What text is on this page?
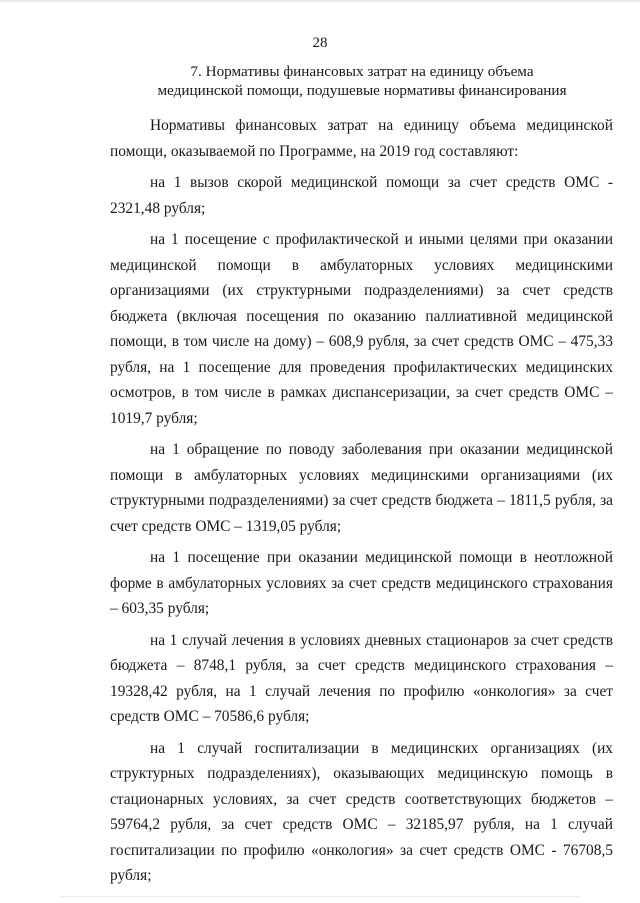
28
7. Нормативы финансовых затрат на единицу объема
медицинской помощи, подушевые нормативы финансирования

Нормативы финансовых затрат на единицу объема медицинской помощи, оказываемой по Программе, на 2019 год составляют:

на 1 вызов скорой медицинской помощи за счет средств ОМС - 2321,48 рубля;

на 1 посещение с профилактической и иными целями при оказании медицинской помощи в амбулаторных условиях медицинскими организациями (их структурными подразделениями) за счет средств бюджета (включая посещения по оказанию паллиативной медицинской помощи, в том числе на дому) – 608,9 рубля, за счет средств ОМС – 475,33 рубля, на 1 посещение для проведения профилактических медицинских осмотров, в том числе в рамках диспансеризации, за счет средств ОМС – 1019,7 рубля;

на 1 обращение по поводу заболевания при оказании медицинской помощи в амбулаторных условиях медицинскими организациями (их структурными подразделениями) за счет средств бюджета – 1811,5 рубля, за счет средств ОМС – 1319,05 рубля;

на 1 посещение при оказании медицинской помощи в неотложной форме в амбулаторных условиях за счет средств медицинского страхования – 603,35 рубля;

на 1 случай лечения в условиях дневных стационаров за счет средств бюджета – 8748,1 рубля, за счет средств медицинского страхования – 19328,42 рубля, на 1 случай лечения по профилю «онкология» за счет средств ОМС – 70586,6 рубля;

на 1 случай госпитализации в медицинских организациях (их структурных подразделениях), оказывающих медицинскую помощь в стационарных условиях, за счет средств соответствующих бюджетов – 59764,2 рубля, за счет средств ОМС – 32185,97 рубля, на 1 случай госпитализации по профилю «онкология» за счет средств ОМС - 76708,5 рубля;
